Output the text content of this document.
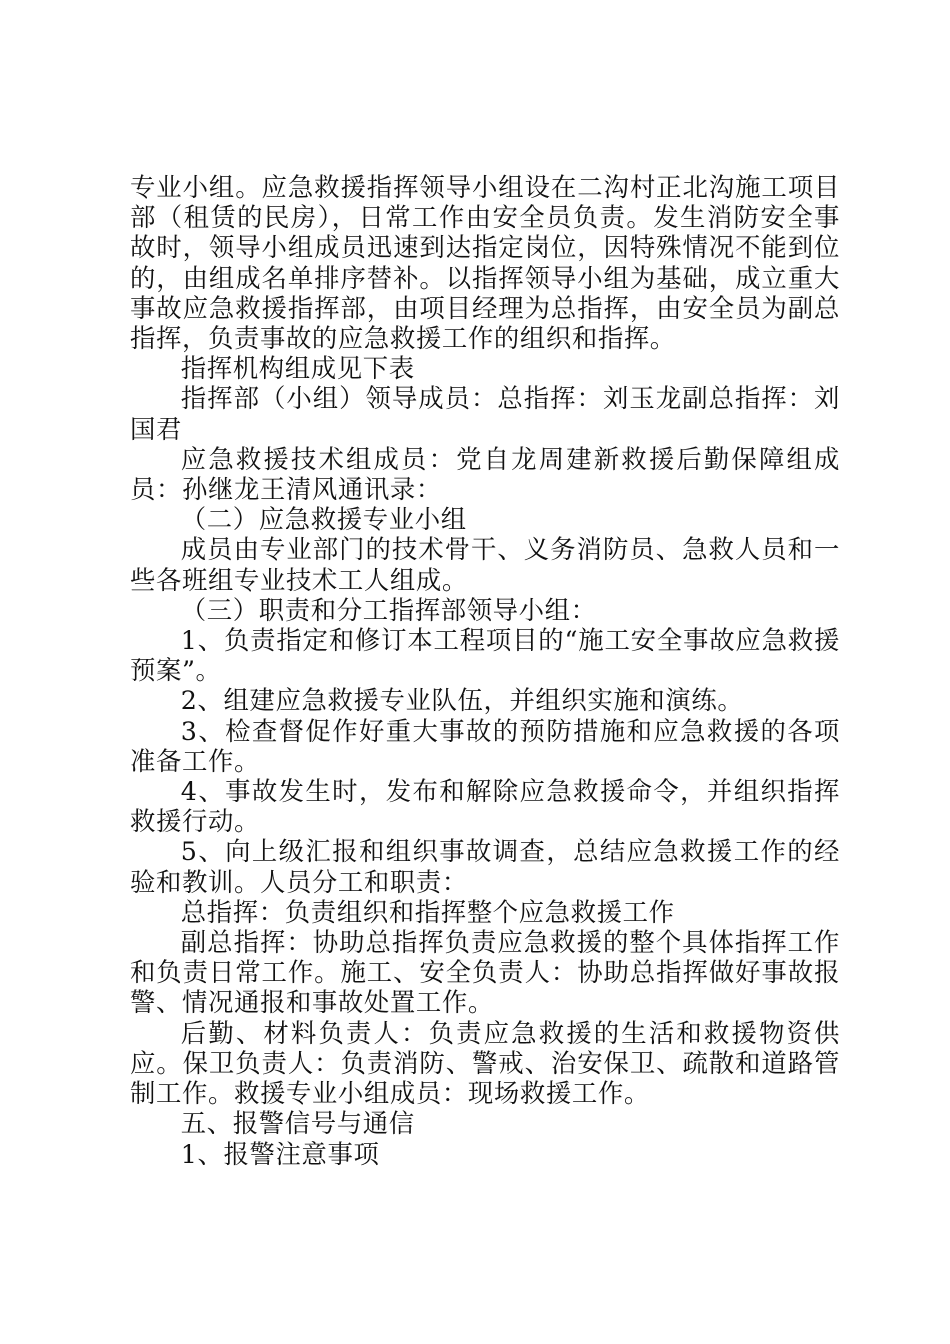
专业小组。应急救援指挥领导小组设在二沟村正北沟施工项目部（租赁的民房），日常工作由安全员负责。发生消防安全事故时，领导小组成员迅速到达指定岗位，因特殊情况不能到位的，由组成名单排序替补。以指挥领导小组为基础，成立重大事故应急救援指挥部，由项目经理为总指挥，由安全员为副总指挥，负责事故的应急救援工作的组织和指挥。

指挥机构组成见下表

指挥部（小组）领导成员：总指挥：刘玉龙副总指挥：刘国君

应急救援技术组成员：党自龙周建新救援后勤保障组成员：孙继龙王清风通讯录：

（二）应急救援专业小组

成员由专业部门的技术骨干、义务消防员、急救人员和一些各班组专业技术工人组成。

（三）职责和分工指挥部领导小组：

1、负责指定和修订本工程项目的“施工安全事故应急救援预案”。

2、组建应急救援专业队伍，并组织实施和演练。

3、检查督促作好重大事故的预防措施和应急救援的各项准备工作。

4、事故发生时，发布和解除应急救援命令，并组织指挥救援行动。

5、向上级汇报和组织事故调查，总结应急救援工作的经验和教训。人员分工和职责：

总指挥：负责组织和指挥整个应急救援工作

副总指挥：协助总指挥负责应急救援的整个具体指挥工作和负责日常工作。施工、安全负责人：协助总指挥做好事故报警、情况通报和事故处置工作。

后勤、材料负责人：负责应急救援的生活和救援物资供应。保卫负责人：负责消防、警戒、治安保卫、疏散和道路管制工作。救援专业小组成员：现场救援工作。

五、报警信号与通信

1、报警注意事项
